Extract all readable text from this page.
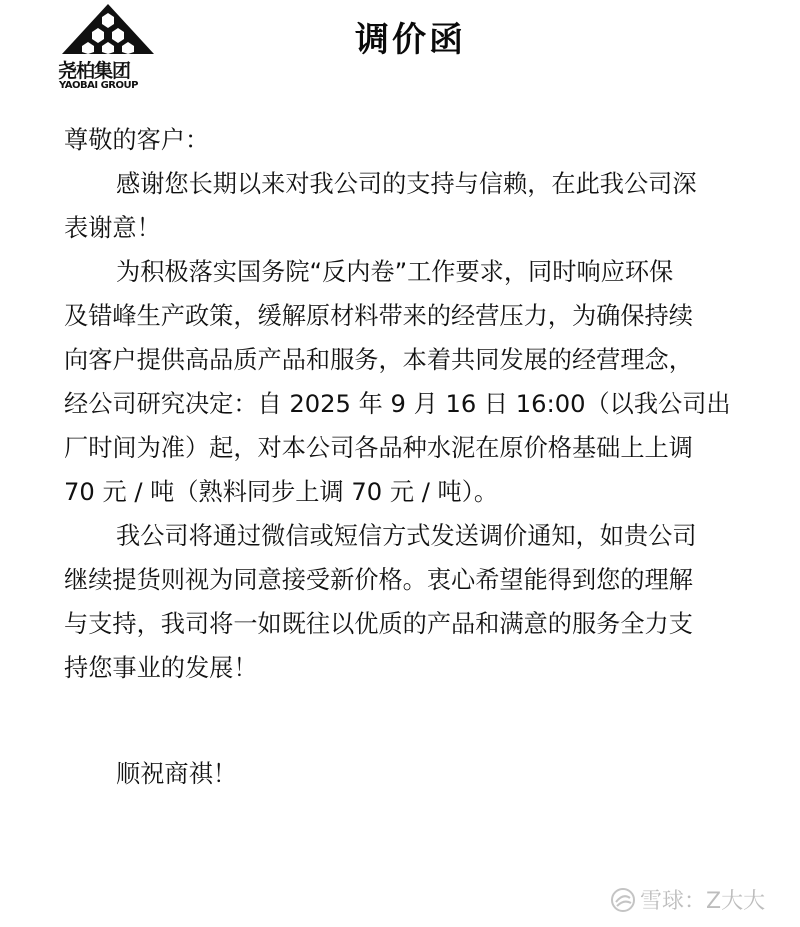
尧柏集团
YAOBAI GROUP
调价函
尊敬的客户：
感谢您长期以来对我公司的支持与信赖，在此我公司深
表谢意！
为积极落实国务院“反内卷”工作要求，同时响应环保
及错峰生产政策，缓解原材料带来的经营压力，为确保持续
向客户提供高品质产品和服务，本着共同发展的经营理念，
经公司研究决定：自 2025 年 9 月 16 日 16:00（以我公司出
厂时间为准）起，对本公司各品种水泥在原价格基础上上调
70 元 / 吨（熟料同步上调 70 元 / 吨）。
我公司将通过微信或短信方式发送调价通知，如贵公司
继续提货则视为同意接受新价格。衷心希望能得到您的理解
与支持，我司将一如既往以优质的产品和满意的服务全力支
持您事业的发展！
顺祝商祺！
雪球：Z大大
